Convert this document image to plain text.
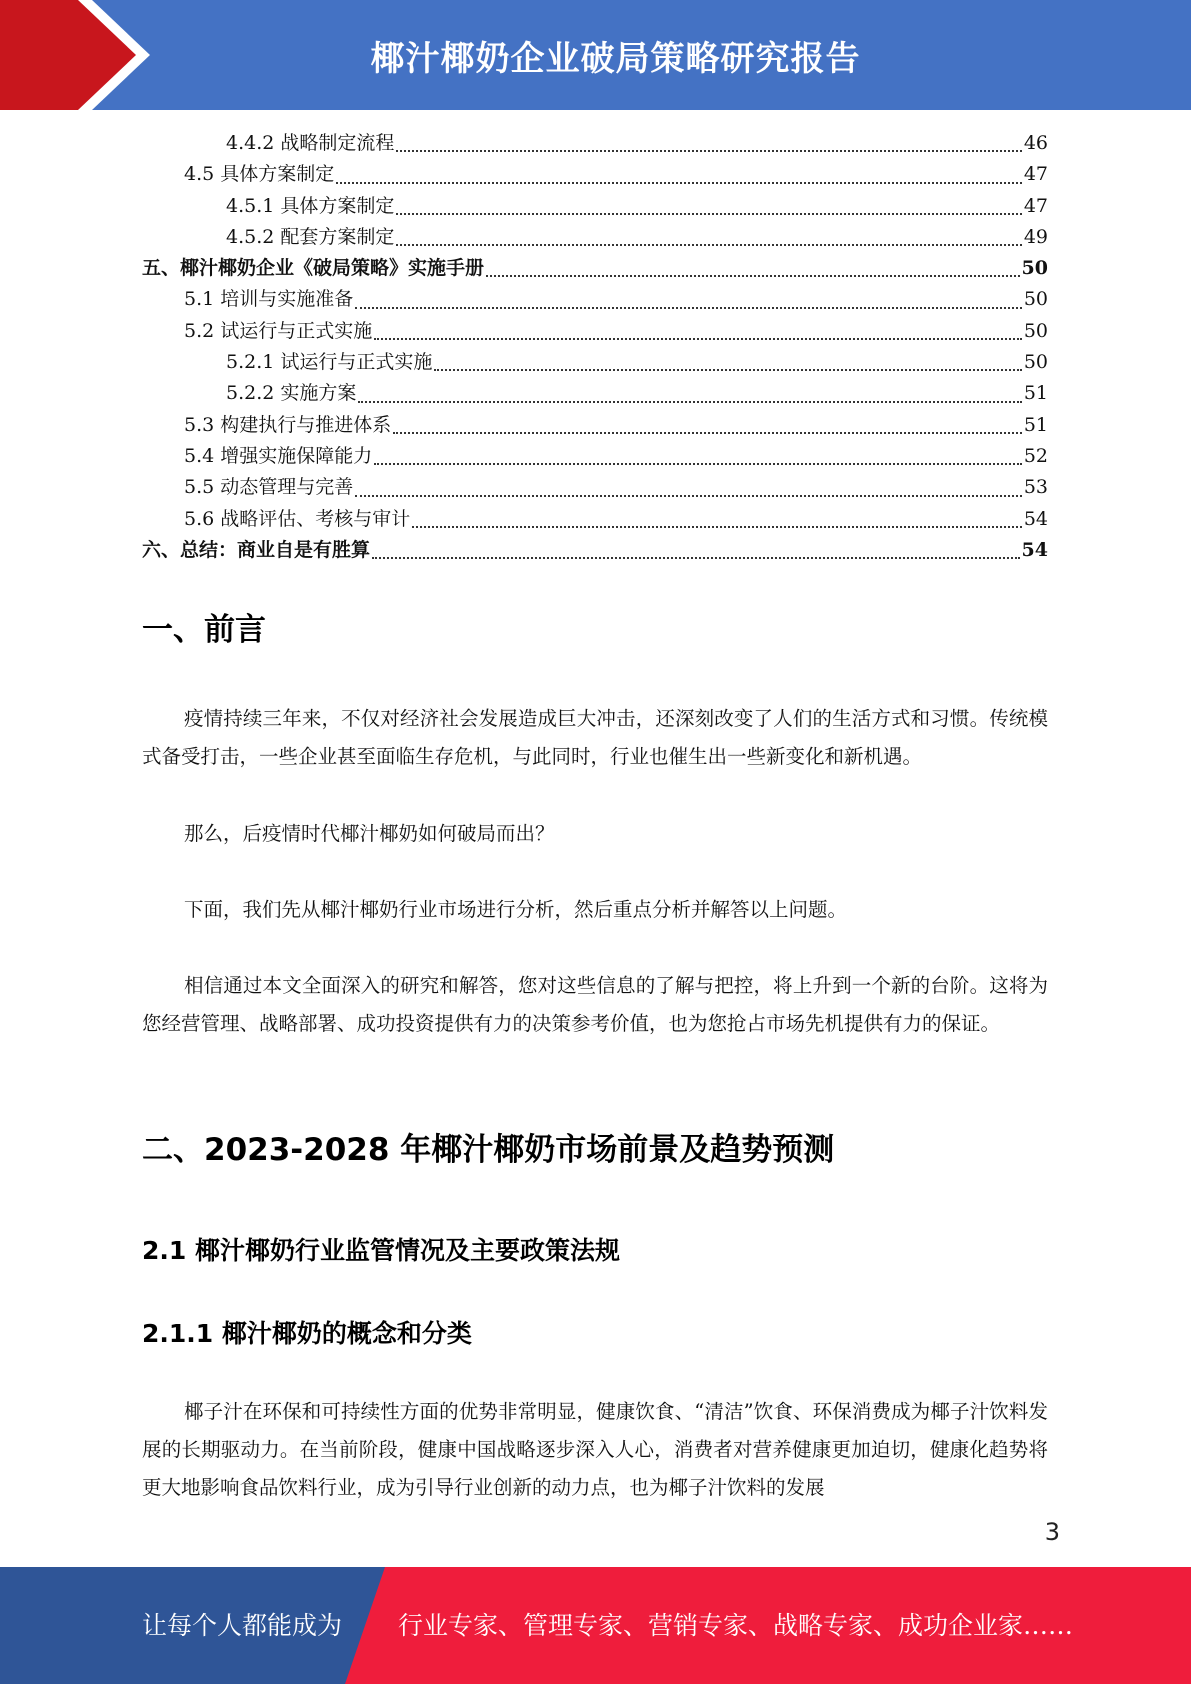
椰汁椰奶企业破局策略研究报告
4.4.2 战略制定流程	46
4.5 具体方案制定	47
4.5.1 具体方案制定	47
4.5.2 配套方案制定	49
五、椰汁椰奶企业《破局策略》实施手册	50
5.1 培训与实施准备	50
5.2 试运行与正式实施	50
5.2.1 试运行与正式实施	50
5.2.2 实施方案	51
5.3 构建执行与推进体系	51
5.4 增强实施保障能力	52
5.5 动态管理与完善	53
5.6 战略评估、考核与审计	54
六、总结：商业自是有胜算	54
一、前言

疫情持续三年来，不仅对经济社会发展造成巨大冲击，还深刻改变了人们的生活方式和习惯。传统模式备受打击，一些企业甚至面临生存危机，与此同时，行业也催生出一些新变化和新机遇。

那么，后疫情时代椰汁椰奶如何破局而出？

下面，我们先从椰汁椰奶行业市场进行分析，然后重点分析并解答以上问题。

相信通过本文全面深入的研究和解答，您对这些信息的了解与把控，将上升到一个新的台阶。这将为您经营管理、战略部署、成功投资提供有力的决策参考价值，也为您抢占市场先机提供有力的保证。

二、2023-2028 年椰汁椰奶市场前景及趋势预测
2.1 椰汁椰奶行业监管情况及主要政策法规
2.1.1 椰汁椰奶的概念和分类

椰子汁在环保和可持续性方面的优势非常明显，健康饮食、“清洁”饮食、环保消费成为椰子汁饮料发展的长期驱动力。在当前阶段，健康中国战略逐步深入人心，消费者对营养健康更加迫切，健康化趋势将更大地影响食品饮料行业，成为引导行业创新的动力点，也为椰子汁饮料的发展

3
让每个人都能成为 行业专家、管理专家、营销专家、战略专家、成功企业家……
